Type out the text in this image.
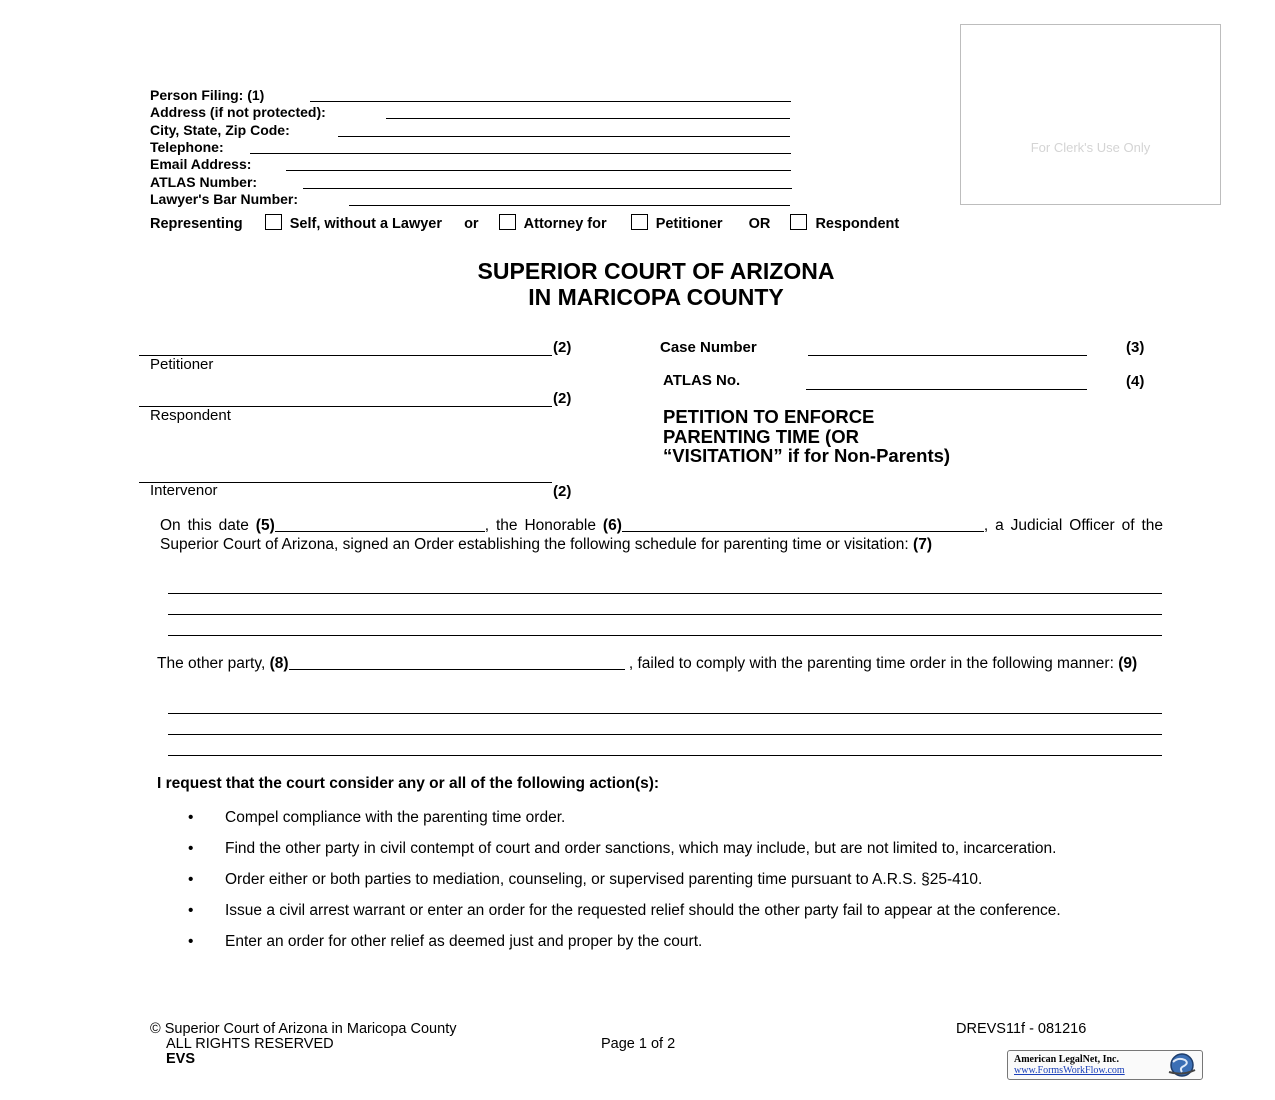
Person Filing: (1)
Address (if not protected):
City, State, Zip Code:
Telephone:
Email Address:
ATLAS Number:
Lawyer's Bar Number:
For Clerk's Use Only
Representing	Self, without a Lawyer or	Attorney for	Petitioner OR	Respondent
SUPERIOR COURT OF ARIZONA
IN MARICOPA COUNTY
(2)
Petitioner
(2)
Respondent
Intervenor	(2)
Case Number	(3)
ATLAS No.	(4)
PETITION TO ENFORCE
PARENTING TIME (OR
“VISITATION” if for Non-Parents)
On this date (5)	, the Honorable (6)	, a Judicial Officer of the Superior Court of Arizona, signed an Order establishing the following schedule for parenting time or visitation: (7)
The other party, (8)	, failed to comply with the parenting time order in the following manner: (9)
I request that the court consider any or all of the following action(s):
• Compel compliance with the parenting time order.
• Find the other party in civil contempt of court and order sanctions, which may include, but are not limited to, incarceration.
• Order either or both parties to mediation, counseling, or supervised parenting time pursuant to A.R.S. §25-410.
• Issue a civil arrest warrant or enter an order for the requested relief should the other party fail to appear at the conference.
• Enter an order for other relief as deemed just and proper by the court.
© Superior Court of Arizona in Maricopa County
ALL RIGHTS RESERVED
EVS
Page 1 of 2
DREVS11f - 081216
American LegalNet, Inc.
www.FormsWorkFlow.com
